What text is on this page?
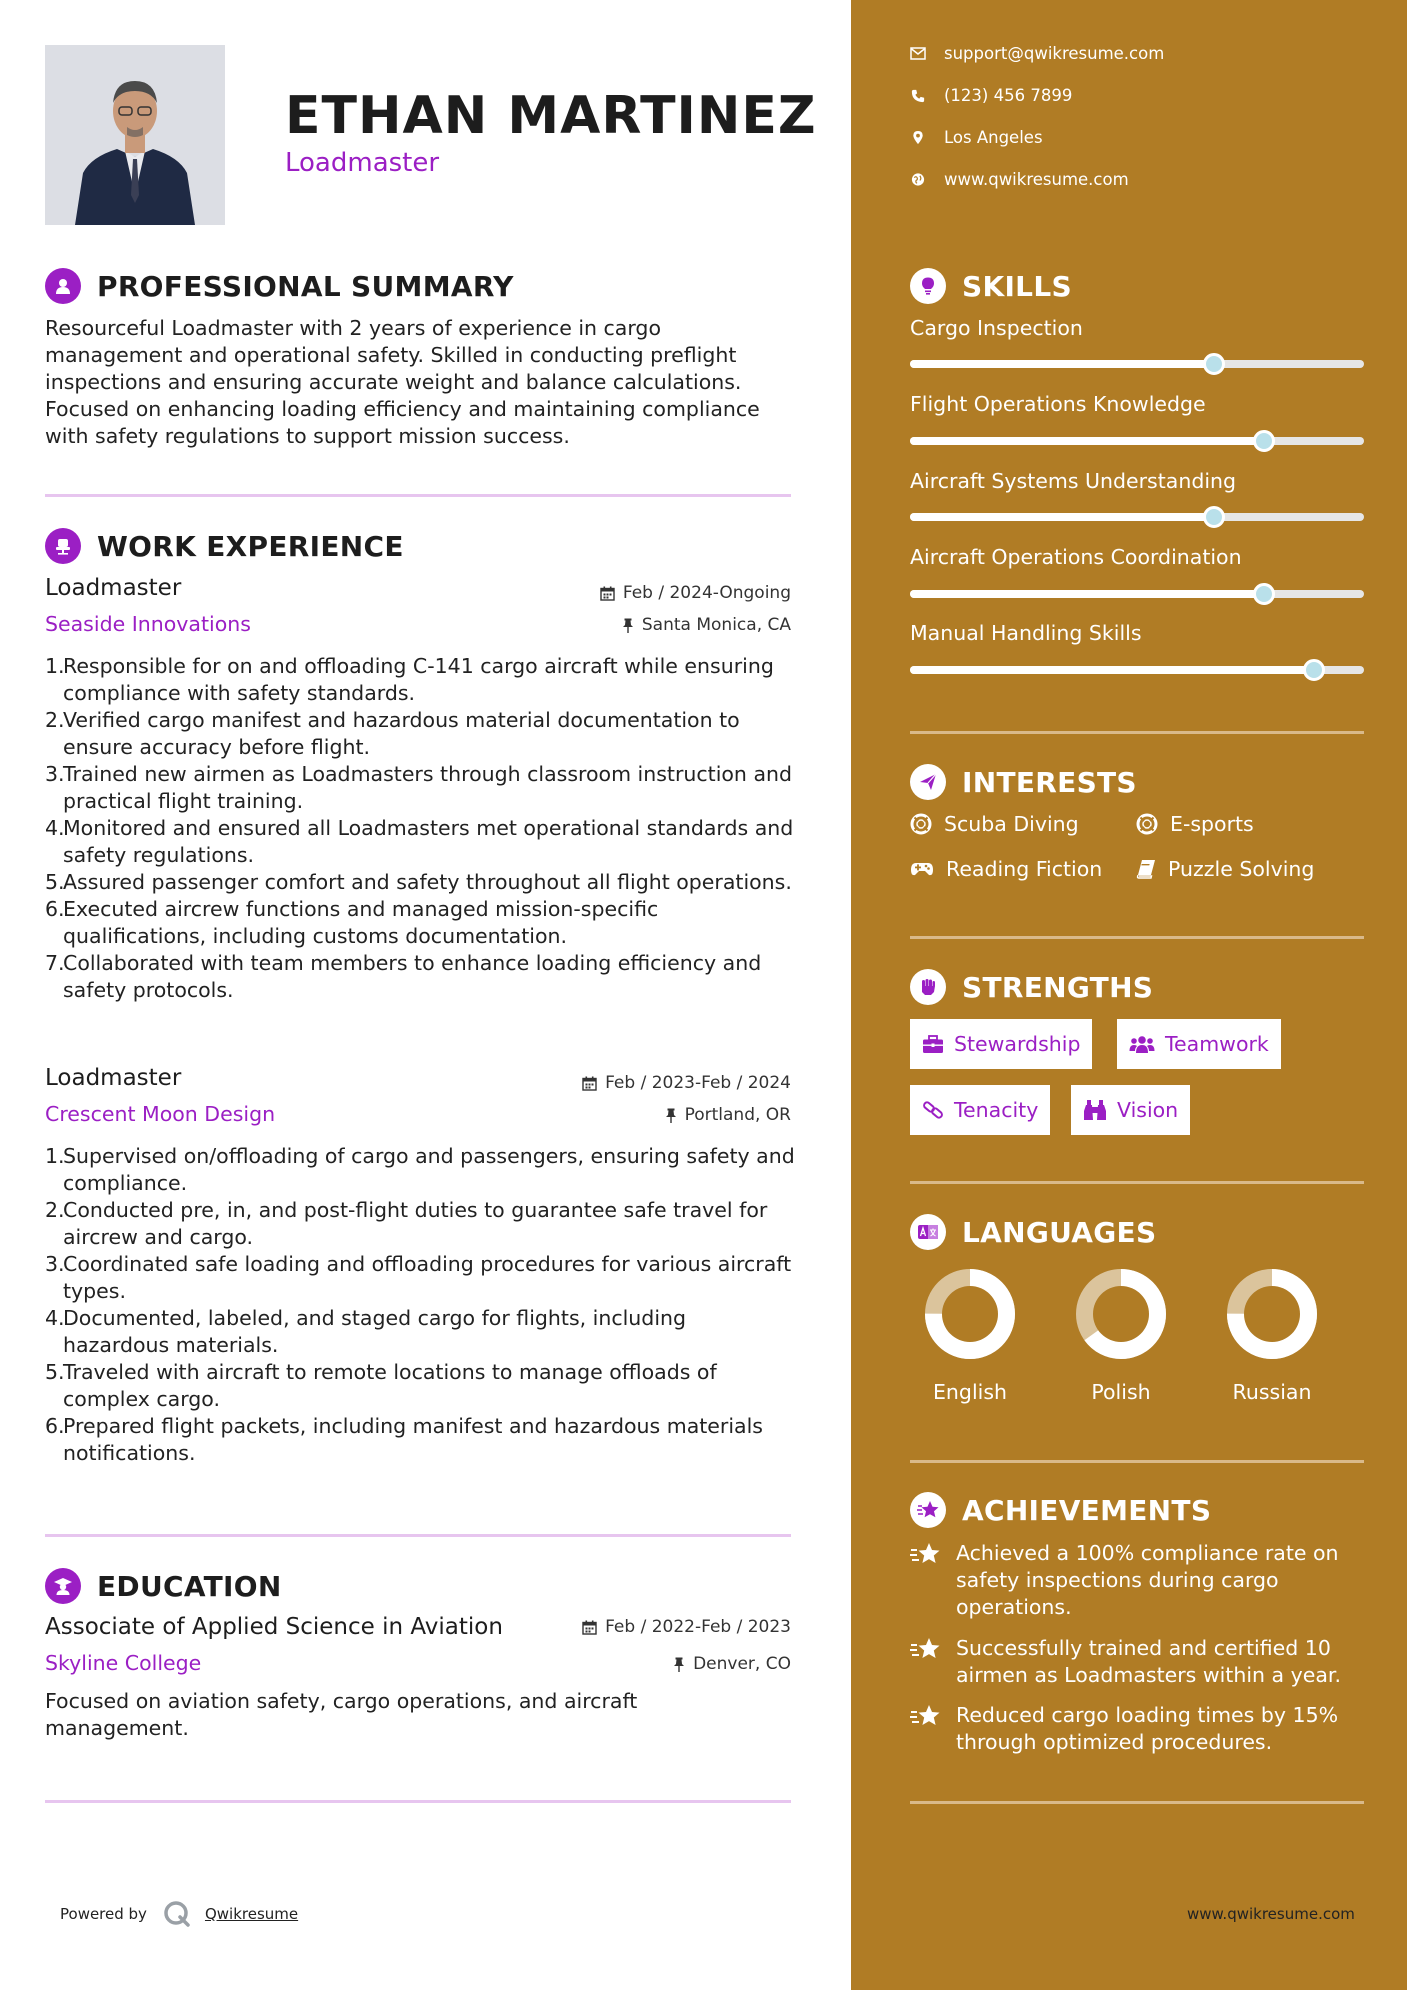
ETHAN MARTINEZ
Loadmaster
PROFESSIONAL SUMMARY
Resourceful Loadmaster with 2 years of experience in cargo management and operational safety. Skilled in conducting preflight inspections and ensuring accurate weight and balance calculations. Focused on enhancing loading efficiency and maintaining compliance with safety regulations to support mission success.
WORK EXPERIENCE
Loadmaster	Feb / 2024-Ongoing
Seaside Innovations	Santa Monica, CA
1.
Responsible for on and offloading C-141 cargo aircraft while ensuring compliance with safety standards.
2.
Verified cargo manifest and hazardous material documentation to ensure accuracy before flight.
3.
Trained new airmen as Loadmasters through classroom instruction and practical flight training.
4.
Monitored and ensured all Loadmasters met operational standards and safety regulations.
5.
Assured passenger comfort and safety throughout all flight operations.
6.
Executed aircrew functions and managed mission-specific qualifications, including customs documentation.
7.
Collaborated with team members to enhance loading efficiency and safety protocols.
Loadmaster	Feb / 2023-Feb / 2024
Crescent Moon Design	Portland, OR
1.
Supervised on/offloading of cargo and passengers, ensuring safety and compliance.
2.
Conducted pre, in, and post-flight duties to guarantee safe travel for aircrew and cargo.
3.
Coordinated safe loading and offloading procedures for various aircraft types.
4.
Documented, labeled, and staged cargo for flights, including hazardous materials.
5.
Traveled with aircraft to remote locations to manage offloads of complex cargo.
6.
Prepared flight packets, including manifest and hazardous materials notifications.
EDUCATION
Associate of Applied Science in Aviation	Feb / 2022-Feb / 2023
Skyline College	Denver, CO
Focused on aviation safety, cargo operations, and aircraft management.
Powered by	Qwikresume
support@qwikresume.com
(123) 456 7899
Los Angeles
www.qwikresume.com
SKILLS
Cargo Inspection
Flight Operations Knowledge
Aircraft Systems Understanding
Aircraft Operations Coordination
Manual Handling Skills
INTERESTS
Scuba Diving	E-sports
Reading Fiction	Puzzle Solving
STRENGTHS
Stewardship	Teamwork
Tenacity	Vision
LANGUAGES
English	Polish	Russian
ACHIEVEMENTS
Achieved a 100% compliance rate on safety inspections during cargo operations.
Successfully trained and certified 10 airmen as Loadmasters within a year.
Reduced cargo loading times by 15% through optimized procedures.
www.qwikresume.com
